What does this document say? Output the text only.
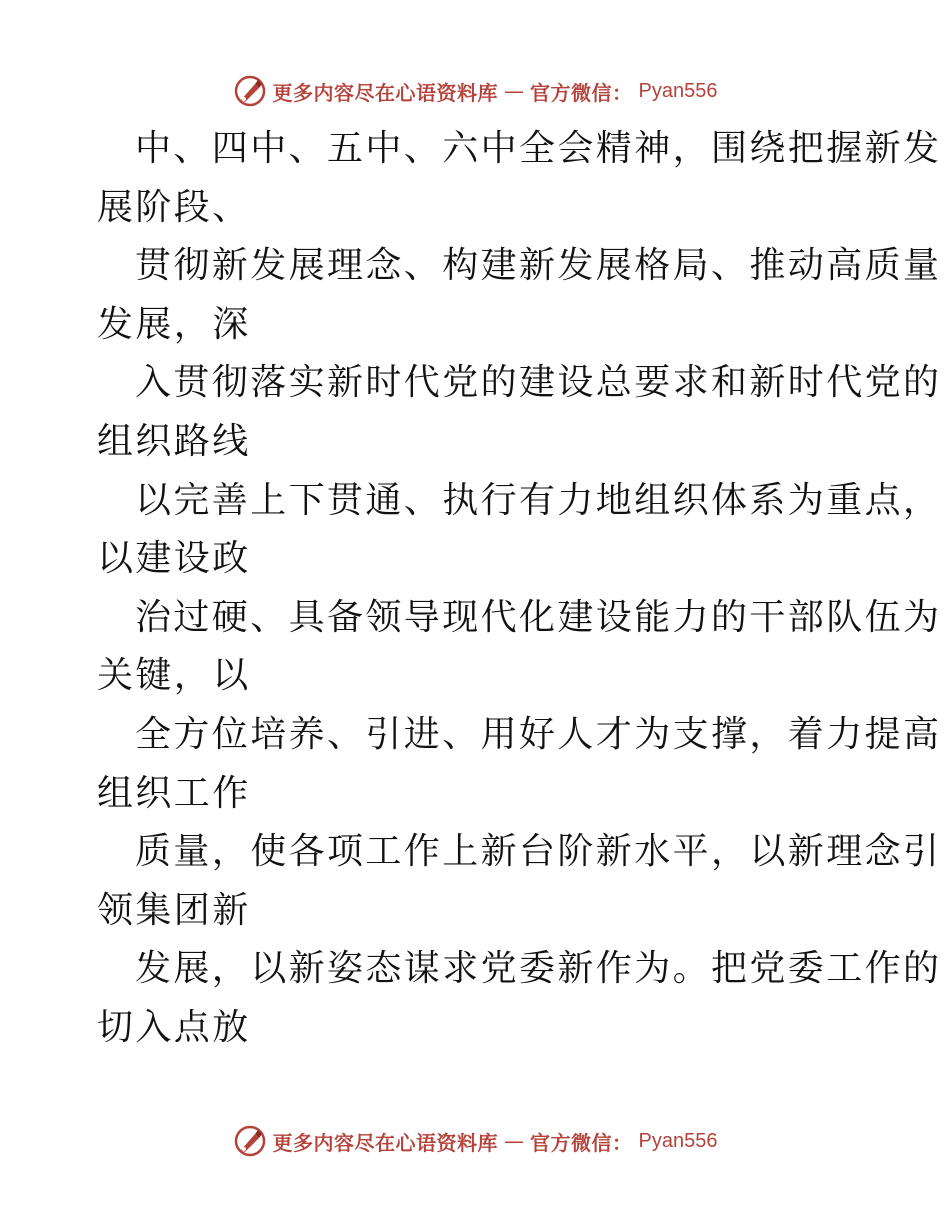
更多内容尽在心语资料库 — 官方微信： Pyan556
中、四中、五中、六中全会精神，围绕把握新发
展阶段、
贯彻新发展理念、构建新发展格局、推动高质量
发展，深
入贯彻落实新时代党的建设总要求和新时代党的
组织路线
以完善上下贯通、执行有力地组织体系为重点，
以建设政
治过硬、具备领导现代化建设能力的干部队伍为
关键，以
全方位培养、引进、用好人才为支撑，着力提高
组织工作
质量，使各项工作上新台阶新水平，以新理念引
领集团新
发展，以新姿态谋求党委新作为。把党委工作的
切入点放
更多内容尽在心语资料库 — 官方微信： Pyan556
